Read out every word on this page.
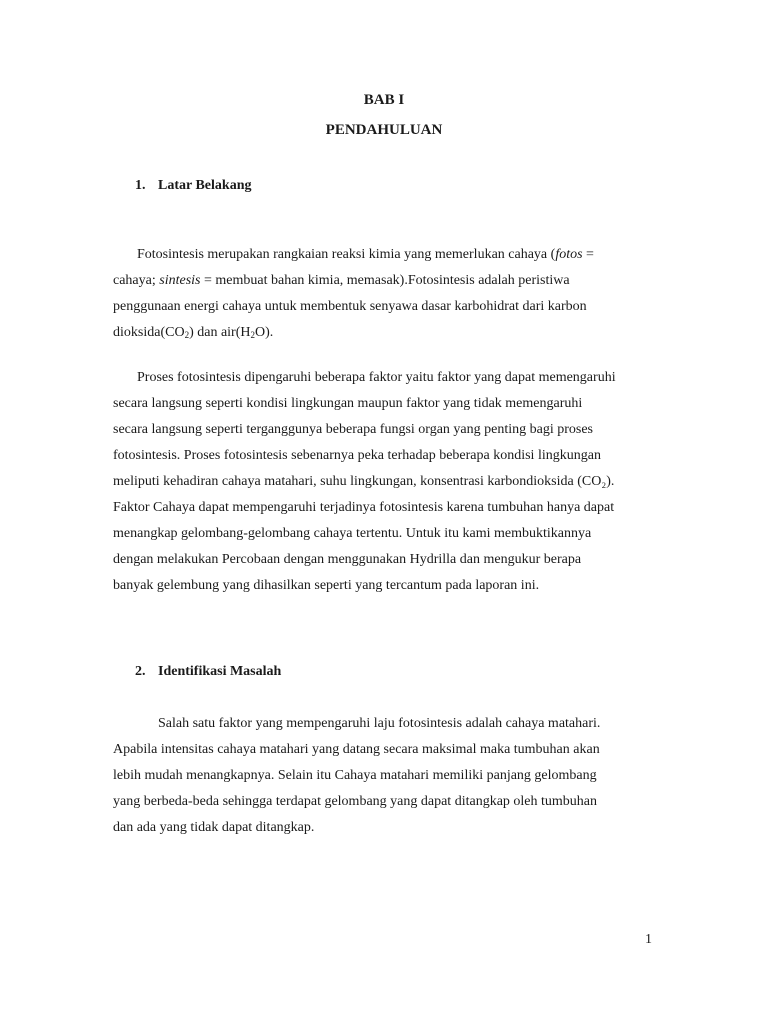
BAB I
PENDAHULUAN
1. Latar Belakang
Fotosintesis merupakan rangkaian reaksi kimia yang memerlukan cahaya (fotos =
cahaya; sintesis = membuat bahan kimia, memasak).Fotosintesis adalah peristiwa
penggunaan energi cahaya untuk membentuk senyawa dasar karbohidrat dari karbon
$dioksida(CO_2)$ dan $air(H_2O)$.
Proses fotosintesis dipengaruhi beberapa faktor yaitu faktor yang dapat memengaruhi
secara langsung seperti kondisi lingkungan maupun faktor yang tidak memengaruhi
secara langsung seperti terganggunya beberapa fungsi organ yang penting bagi proses
fotosintesis. Proses fotosintesis sebenarnya peka terhadap beberapa kondisi lingkungan
meliputi kehadiran cahaya matahari, suhu lingkungan, konsentrasi karbondioksida (CO₂).
Faktor Cahaya dapat mempengaruhi terjadinya fotosintesis karena tumbuhan hanya dapat
menangkap gelombang-gelombang cahaya tertentu. Untuk itu kami membuktikannya
dengan melakukan Percobaan dengan menggunakan Hydrilla dan mengukur berapa
banyak gelembung yang dihasilkan seperti yang tercantum pada laporan ini.
2. Identifikasi Masalah
Salah satu faktor yang mempengaruhi laju fotosintesis adalah cahaya matahari.
Apabila intensitas cahaya matahari yang datang secara maksimal maka tumbuhan akan
lebih mudah menangkapnya. Selain itu Cahaya matahari memiliki panjang gelombang
yang berbeda-beda sehingga terdapat gelombang yang dapat ditangkap oleh tumbuhan
dan ada yang tidak dapat ditangkap.
1
